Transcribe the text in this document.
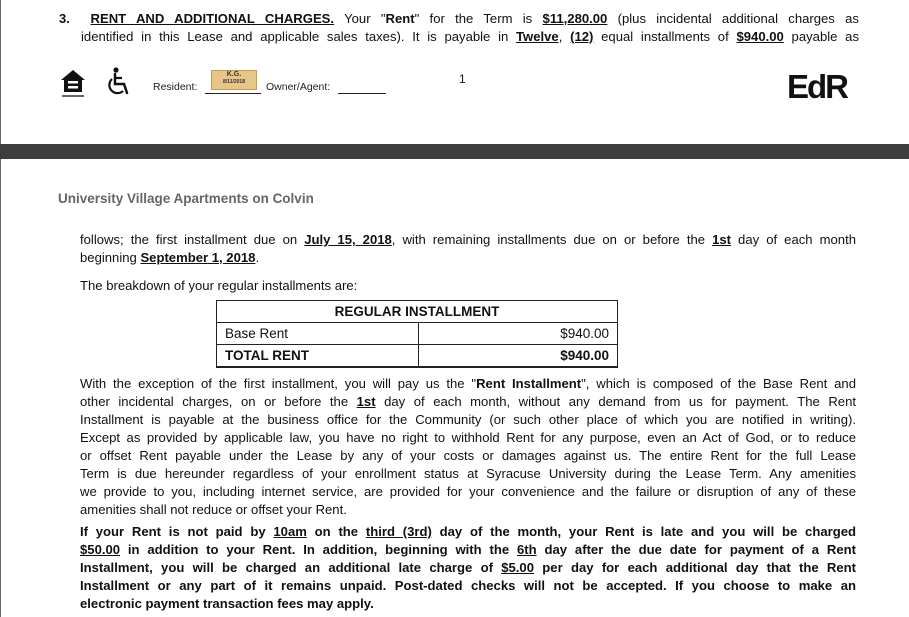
3. RENT AND ADDITIONAL CHARGES. Your "Rent" for the Term is $11,280.00 (plus incidental additional charges as
identified in this Lease and applicable sales taxes). It is payable in Twelve, (12) equal installments of $940.00 payable as
Resident:
K.G.
8/11/2018	Owner/Agent:
1	EdR
University Village Apartments on Colvin
follows; the first installment due on July 15, 2018, with remaining installments due on or before the 1st day of each month
beginning September 1, 2018.
The breakdown of your regular installments are:
REGULAR INSTALLMENT	
Base Rent	$940.00
TOTAL RENT	$940.00
With the exception of the first installment, you will pay us the "Rent Installment", which is composed of the Base Rent and
other incidental charges, on or before the 1st day of each month, without any demand from us for payment. The Rent
Installment is payable at the business office for the Community (or such other place of which you are notified in writing).
Except as provided by applicable law, you have no right to withhold Rent for any purpose, even an Act of God, or to reduce
or offset Rent payable under the Lease by any of your costs or damages against us. The entire Rent for the full Lease
Term is due hereunder regardless of your enrollment status at Syracuse University during the Lease Term. Any amenities
we provide to you, including internet service, are provided for your convenience and the failure or disruption of any of these
amenities shall not reduce or offset your Rent.
If your Rent is not paid by 10am on the third (3rd) day of the month, your Rent is late and you will be charged
$50.00 in addition to your Rent. In addition, beginning with the 6th day after the due date for payment of a Rent
Installment, you will be charged an additional late charge of $5.00 per day for each additional day that the Rent
Installment or any part of it remains unpaid. Post-dated checks will not be accepted. If you choose to make an
electronic payment transaction fees may apply.
